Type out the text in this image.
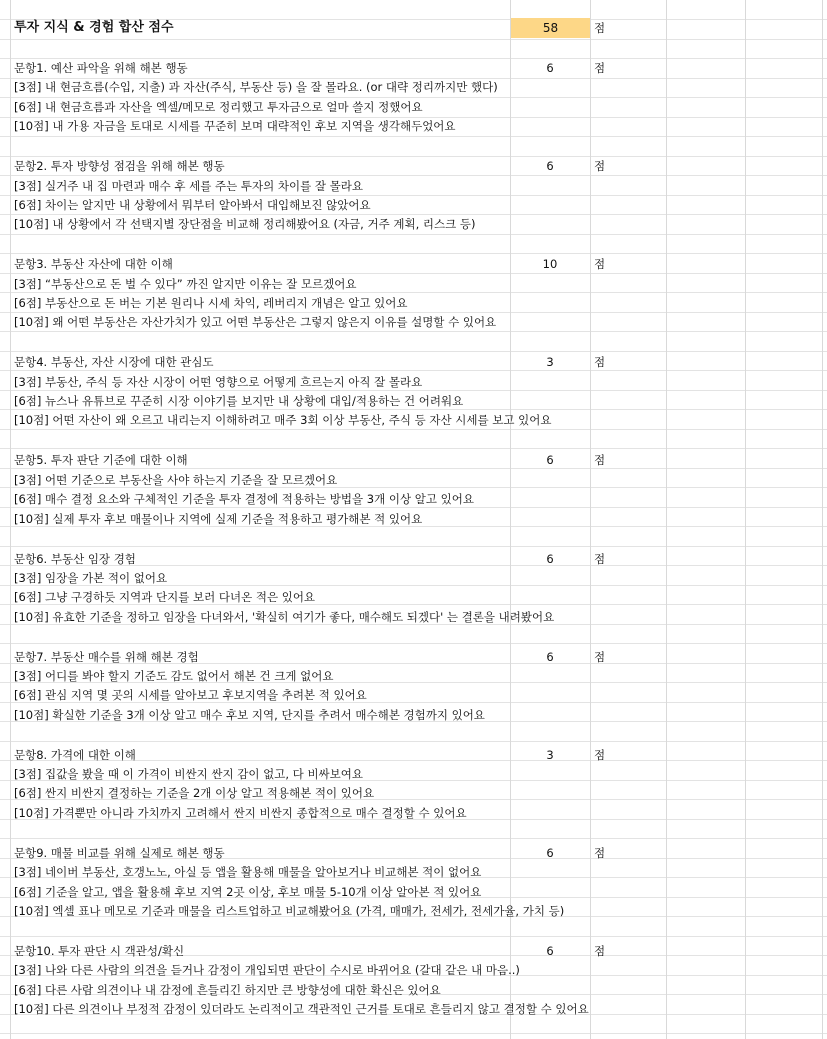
투자 지식 & 경험 합산 점수	58	점
문항1. 예산 파악을 위해 해본 행동	6	점
[3점] 내 현금흐름(수입, 지출) 과 자산(주식, 부동산 등) 을 잘 몰라요. (or 대략 정리까지만 했다)
[6점] 내 현금흐름과 자산을 엑셀/메모로 정리했고 투자금으로 얼마 쓸지 정했어요
[10점] 내 가용 자금을 토대로 시세를 꾸준히 보며 대략적인 후보 지역을 생각해두었어요
문항2. 투자 방향성 점검을 위해 해본 행동	6	점
[3점] 실거주 내 집 마련과 매수 후 세를 주는 투자의 차이를 잘 몰라요
[6점] 차이는 알지만 내 상황에서 뭐부터 알아봐서 대입해보진 않았어요
[10점] 내 상황에서 각 선택지별 장단점을 비교해 정리해봤어요 (자금, 거주 계획, 리스크 등)
문항3. 부동산 자산에 대한 이해	10	점
[3점] “부동산으로 돈 벌 수 있다” 까진 알지만 이유는 잘 모르겠어요
[6점] 부동산으로 돈 버는 기본 원리나 시세 차익, 레버리지 개념은 알고 있어요
[10점] 왜 어떤 부동산은 자산가치가 있고 어떤 부동산은 그렇지 않은지 이유를 설명할 수 있어요
문항4. 부동산, 자산 시장에 대한 관심도	3	점
[3점] 부동산, 주식 등 자산 시장이 어떤 영향으로 어떻게 흐르는지 아직 잘 몰라요
[6점] 뉴스나 유튜브로 꾸준히 시장 이야기를 보지만 내 상황에 대입/적용하는 건 어려워요
[10점] 어떤 자산이 왜 오르고 내리는지 이해하려고 매주 3회 이상 부동산, 주식 등 자산 시세를 보고 있어요
문항5. 투자 판단 기준에 대한 이해	6	점
[3점] 어떤 기준으로 부동산을 사야 하는지 기준을 잘 모르겠어요
[6점] 매수 결정 요소와 구체적인 기준을 투자 결정에 적용하는 방법을 3개 이상 알고 있어요
[10점] 실제 투자 후보 매물이나 지역에 실제 기준을 적용하고 평가해본 적 있어요
문항6. 부동산 임장 경험	6	점
[3점] 임장을 가본 적이 없어요
[6점] 그냥 구경하듯 지역과 단지를 보러 다녀온 적은 있어요
[10점] 유효한 기준을 정하고 임장을 다녀와서, '확실히 여기가 좋다, 매수해도 되겠다' 는 결론을 내려봤어요
문항7. 부동산 매수를 위해 해본 경험	6	점
[3점] 어디를 봐야 할지 기준도 감도 없어서 해본 건 크게 없어요
[6점] 관심 지역 몇 곳의 시세를 알아보고 후보지역을 추려본 적 있어요
[10점] 확실한 기준을 3개 이상 알고 매수 후보 지역, 단지를 추려서 매수해본 경험까지 있어요
문항8. 가격에 대한 이해	3	점
[3점] 집값을 봤을 때 이 가격이 비싼지 싼지 감이 없고, 다 비싸보여요
[6점] 싼지 비싼지 결정하는 기준을 2개 이상 알고 적용해본 적이 있어요
[10점] 가격뿐만 아니라 가치까지 고려해서 싼지 비싼지 종합적으로 매수 결정할 수 있어요
문항9. 매물 비교를 위해 실제로 해본 행동	6	점
[3점] 네이버 부동산, 호갱노노, 아실 등 앱을 활용해 매물을 알아보거나 비교해본 적이 없어요
[6점] 기준을 알고, 앱을 활용해 후보 지역 2곳 이상, 후보 매물 5-10개 이상 알아본 적 있어요
[10점] 엑셀 표나 메모로 기준과 매물을 리스트업하고 비교해봤어요 (가격, 매매가, 전세가, 전세가율, 가치 등)
문항10. 투자 판단 시 객관성/확신	6	점
[3점] 나와 다른 사람의 의견을 듣거나 감정이 개입되면 판단이 수시로 바뀌어요 (갈대 같은 내 마음..)
[6점] 다른 사람 의견이나 내 감정에 흔들리긴 하지만 큰 방향성에 대한 확신은 있어요
[10점] 다른 의견이나 부정적 감정이 있더라도 논리적이고 객관적인 근거를 토대로 흔들리지 않고 결정할 수 있어요
